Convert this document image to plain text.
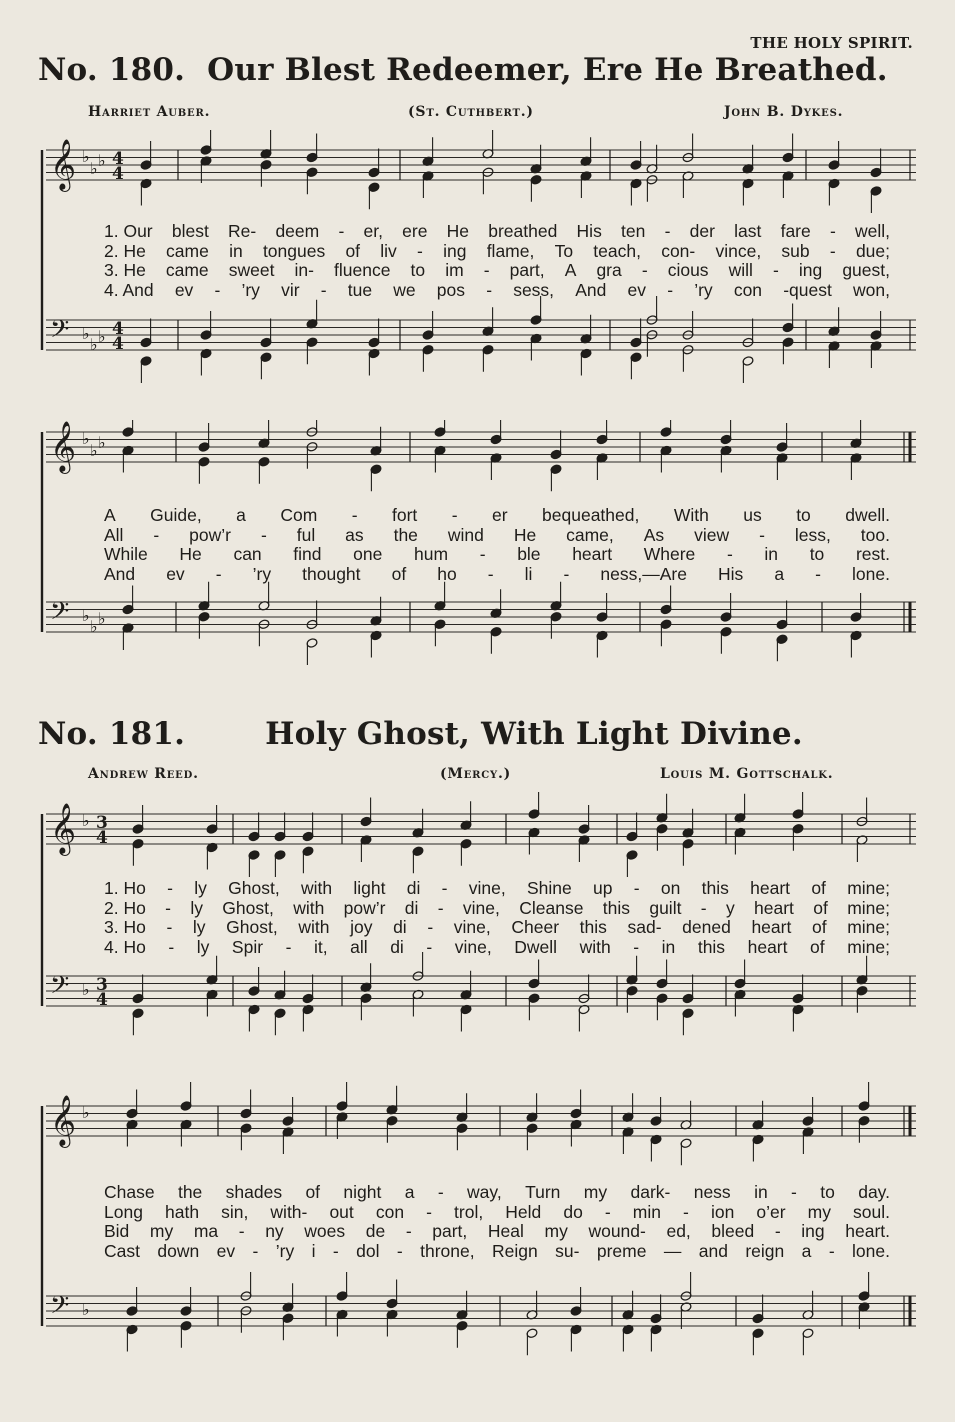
THE HOLY SPIRIT.
No. 180. Our Blest Redeemer, Ere He Breathed.
Harriet Auber.	(St. Cuthbert.)	John B. Dykes.
𝄞 ♭
♭ ♭ 4
4
𝄢 ♭
♭ ♭ 4
4
1. Our blest Re- deem - er, ere He breathed His ten - der last fare - well,
2. He came in tongues of liv - ing flame, To teach, con- vince, sub - due;
3. He came sweet in- fluence to im - part, A gra - cious will - ing guest,
4. And ev - ’ry vir - tue we pos - sess, And ev - ’ry con -quest won,
𝄞 ♭
♭ ♭
𝄢 ♭
♭ ♭
A Guide, a Com - fort - er bequeathed, With us to dwell.
All - pow’r - ful as the wind He came, As view - less, too.
While He can find one hum - ble heart Where - in to rest.
And ev - ’ry thought of ho - li - ness,—Are His a - lone.
No. 181.	Holy Ghost, With Light Divine.
Andrew Reed.	(Mercy.)	Louis M. Gottschalk.
𝄞 ♭ 3
4
𝄢 ♭ 3
4
1. Ho - ly Ghost, with light di - vine, Shine up - on this heart of mine;
2. Ho - ly Ghost, with pow’r di - vine, Cleanse this guilt - y heart of mine;
3. Ho - ly Ghost, with joy di - vine, Cheer this sad- dened heart of mine;
4. Ho - ly Spir - it, all di - vine, Dwell with - in this heart of mine;
𝄞 ♭
𝄢 ♭
Chase the shades of night a - way, Turn my dark- ness in - to day.
Long hath sin, with- out con - trol, Held do - min - ion o’er my soul.
Bid my ma - ny woes de - part, Heal my wound- ed, bleed - ing heart.
Cast down ev - ’ry i - dol - throne, Reign su- preme — and reign a - lone.
